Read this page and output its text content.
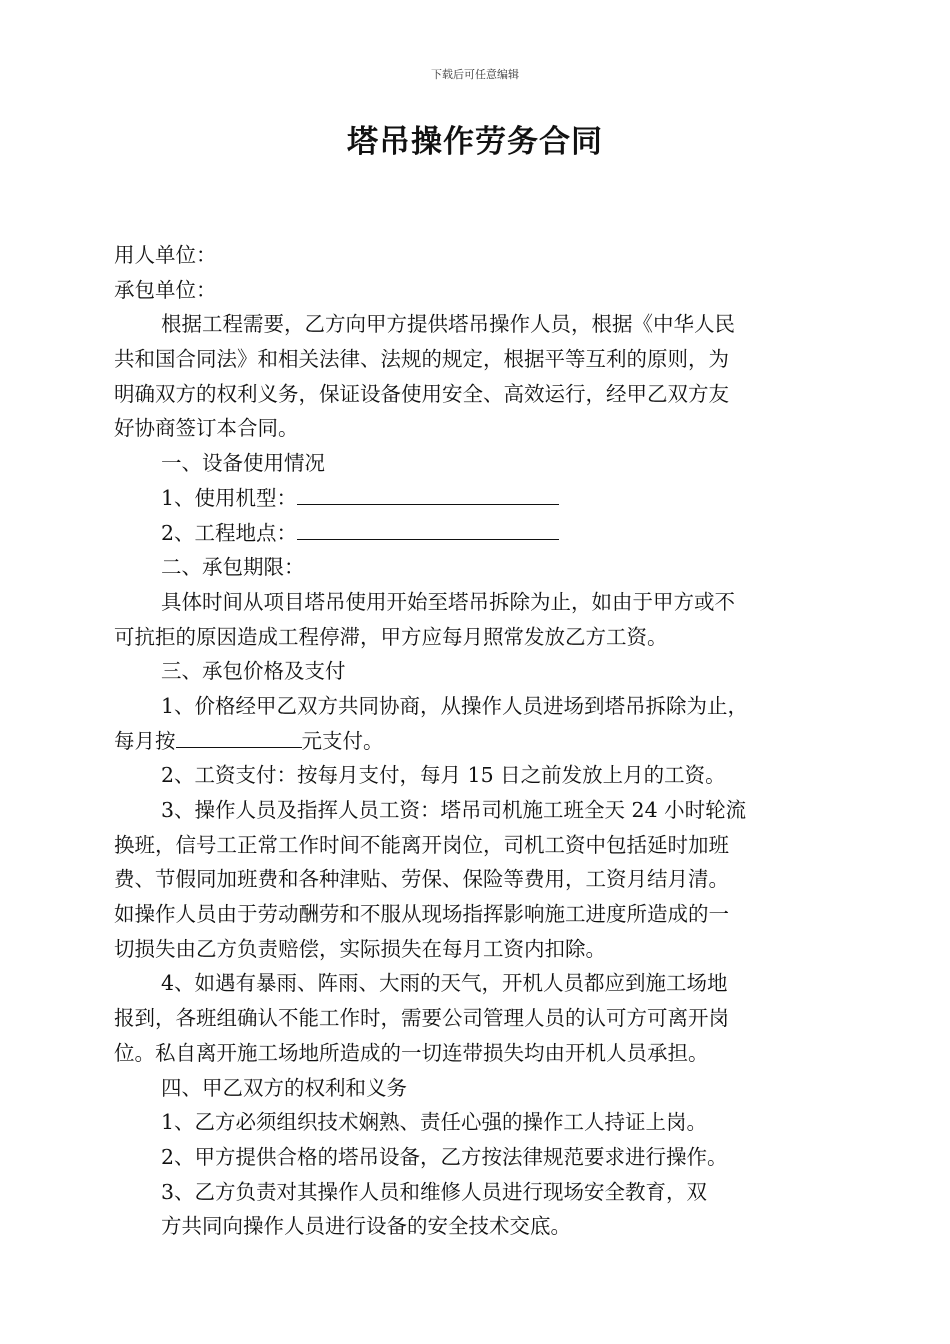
下载后可任意编辑
塔吊操作劳务合同
用人单位：
承包单位：
根据工程需要，乙方向甲方提供塔吊操作人员，根据《中华人民
共和国合同法》和相关法律、法规的规定，根据平等互利的原则，为
明确双方的权利义务，保证设备使用安全、高效运行，经甲乙双方友
好协商签订本合同。
一、设备使用情况
1、使用机型：
2、工程地点：
二、承包期限：
具体时间从项目塔吊使用开始至塔吊拆除为止，如由于甲方或不
可抗拒的原因造成工程停滞，甲方应每月照常发放乙方工资。
三、承包价格及支付
1、价格经甲乙双方共同协商，从操作人员进场到塔吊拆除为止，
每月按	元支付。
2、工资支付：按每月支付，每月 15 日之前发放上月的工资。
3、操作人员及指挥人员工资：塔吊司机施工班全天 24 小时轮流
换班，信号工正常工作时间不能离开岗位，司机工资中包括延时加班
费、节假同加班费和各种津贴、劳保、保险等费用，工资月结月清。
如操作人员由于劳动酬劳和不服从现场指挥影响施工进度所造成的一
切损失由乙方负责赔偿，实际损失在每月工资内扣除。
4、如遇有暴雨、阵雨、大雨的天气，开机人员都应到施工场地
报到，各班组确认不能工作时，需要公司管理人员的认可方可离开岗
位。私自离开施工场地所造成的一切连带损失均由开机人员承担。
四、甲乙双方的权利和义务
1、乙方必须组织技术娴熟、责任心强的操作工人持证上岗。
2、甲方提供合格的塔吊设备，乙方按法律规范要求进行操作。
3、乙方负责对其操作人员和维修人员进行现场安全教育，双
方共同向操作人员进行设备的安全技术交底。
